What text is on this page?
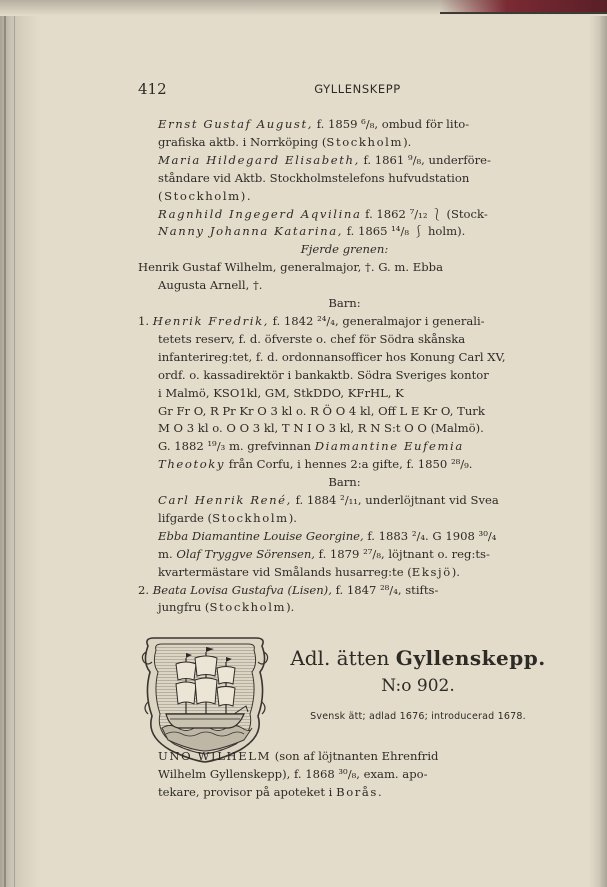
412	GYLLENSKEPP

Ernst Gustaf August, f. 1859 ⁶/₈, ombud för lito-

grafiska aktb. i Norrköping (Stockholm).

Maria Hildegard Elisabeth, f. 1861 ⁹/₈, underföre-

ståndare vid Aktb. Stockholmstelefons hufvudstation

(Stockholm).

Ragnhild Ingegerd Aqvilina f. 1862 ⁷/₁₂ ⎱ (Stock-

Nanny Johanna Katarina, f. 1865 ¹⁴/₈ ⎰ holm).

Fjerde grenen:

Henrik Gustaf Wilhelm, generalmajor, †. G. m. Ebba

Augusta Arnell, †.

Barn:

1. Henrik Fredrik, f. 1842 ²⁴/₄, generalmajor i generali-

tetets reserv, f. d. öfverste o. chef för Södra skånska

infanterireg:tet, f. d. ordonnansofficer hos Konung Carl XV,

ordf. o. kassadirektör i bankaktb. Södra Sveriges kontor

i Malmö, KSO1kl, GM, StkDDO, KFrHL, K

Gr Fr O, R Pr Kr O 3 kl o. R Ö O 4 kl, Off L E Kr O, Turk

M O 3 kl o. O O 3 kl, T N I O 3 kl, R N S:t O O (Malmö).

G. 1882 ¹⁹/₃ m. grefvinnan Diamantine Eufemia

Theotoky från Corfu, i hennes 2:a gifte, f. 1850 ²⁸/₉.

Barn:

Carl Henrik René, f. 1884 ²/₁₁, underlöjtnant vid Svea

lifgarde (Stockholm).

Ebba Diamantine Louise Georgine, f. 1883 ²/₄. G 1908 ³⁰/₄

m. Olaf Tryggve Sörensen, f. 1879 ²⁷/₈, löjtnant o. reg:ts-

kvartermästare vid Smålands husarreg:te (Eksjö).

2. Beata Lovisa Gustafva (Lisen), f. 1847 ²⁸/₄, stifts-

jungfru (Stockholm).

Adl. ätten Gyllenskepp.
N:o 902.
Svensk ätt; adlad 1676; introducerad 1678.

UNO WILHELM (son af löjtnanten Ehrenfrid

Wilhelm Gyllenskepp), f. 1868 ³⁰/₈, exam. apo-

tekare, provisor på apoteket i Borås.
